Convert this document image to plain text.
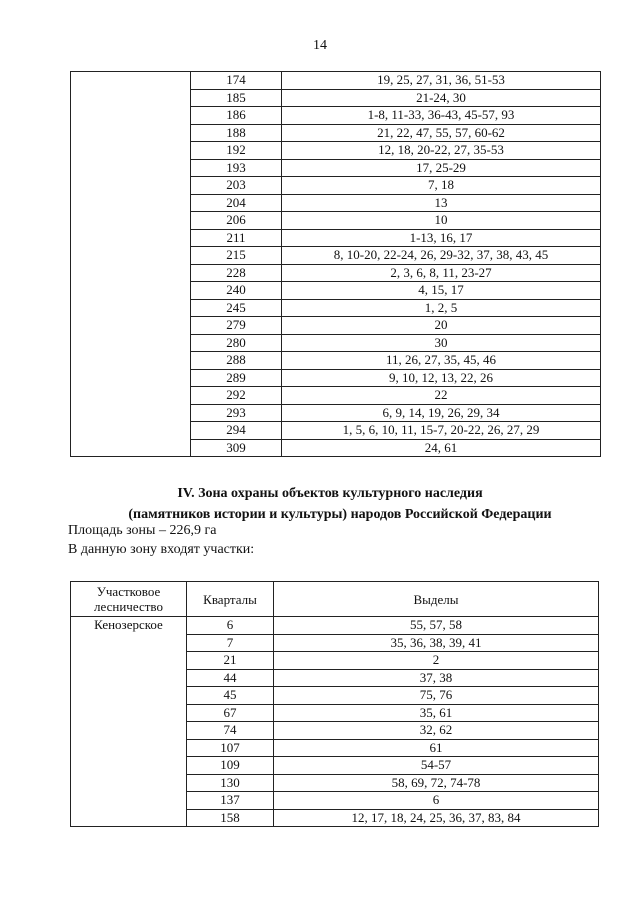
14
	174	19, 25, 27, 31, 36, 51-53
	185	21-24, 30
	186	1-8, 11-33, 36-43, 45-57, 93
	188	21, 22, 47, 55, 57, 60-62
	192	12, 18, 20-22, 27, 35-53
	193	17, 25-29
	203	7, 18
	204	13
	206	10
	211	1-13, 16, 17
	215	8, 10-20, 22-24, 26, 29-32, 37, 38, 43, 45
	228	2, 3, 6, 8, 11, 23-27
	240	4, 15, 17
	245	1, 2, 5
	279	20
	280	30
	288	11, 26, 27, 35, 45, 46
	289	9, 10, 12, 13, 22, 26
	292	22
	293	6, 9, 14, 19, 26, 29, 34
	294	1, 5, 6, 10, 11, 15-7, 20-22, 26, 27, 29
	309	24, 61
IV. Зона охраны объектов культурного наследия
(памятников истории и культуры) народов Российской Федерации
Площадь зоны – 226,9 га
В данную зону входят участки:
Участковое лесничество	Кварталы	Выделы
Кенозерское	6	55, 57, 58
	7	35, 36, 38, 39, 41
	21	2
	44	37, 38
	45	75, 76
	67	35, 61
	74	32, 62
	107	61
	109	54-57
	130	58, 69, 72, 74-78
	137	6
	158	12, 17, 18, 24, 25, 36, 37, 83, 84
